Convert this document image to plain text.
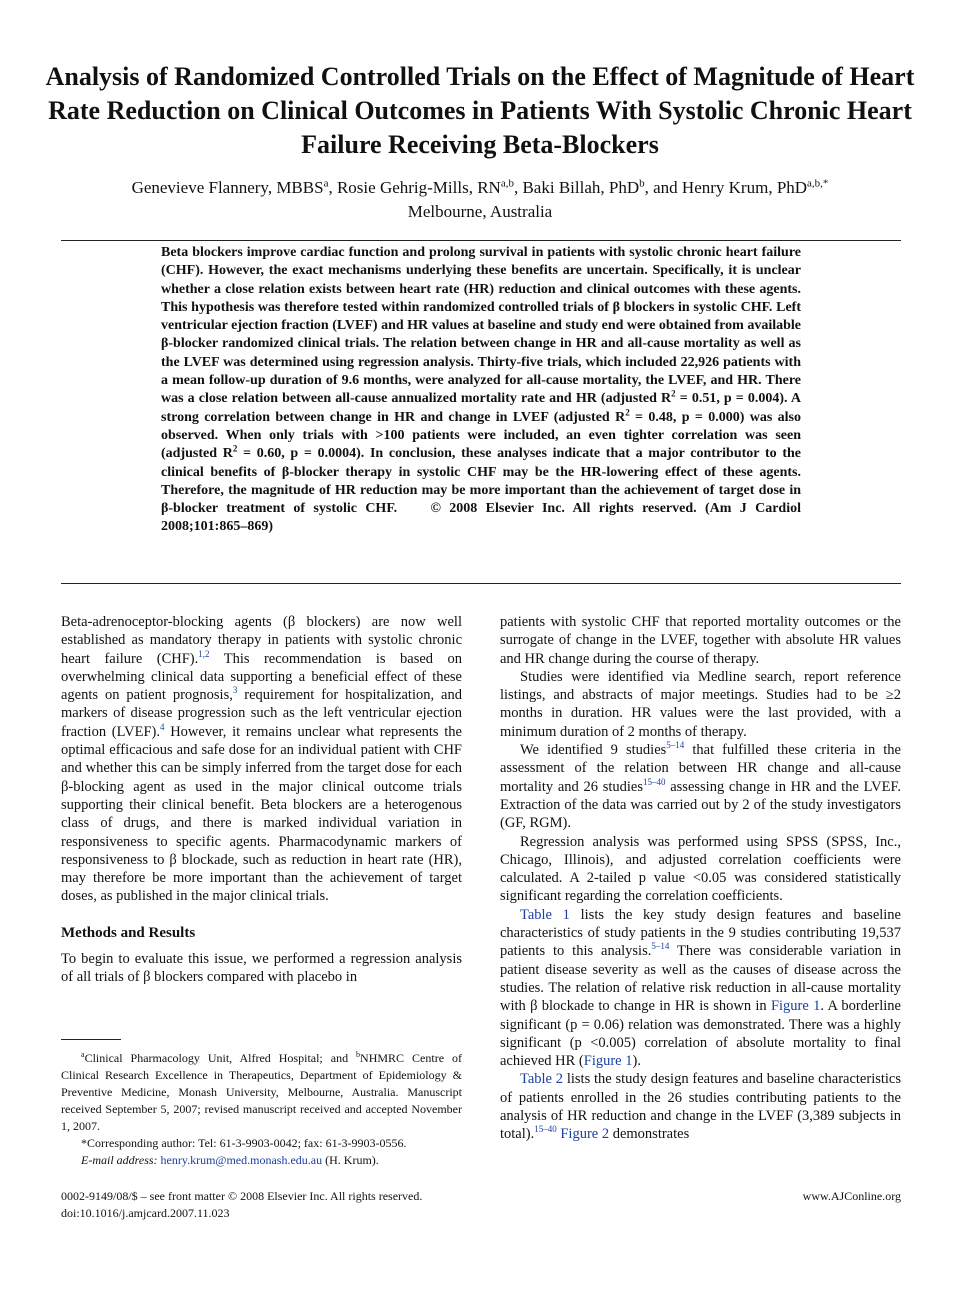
Analysis of Randomized Controlled Trials on the Effect of Magnitude of Heart Rate Reduction on Clinical Outcomes in Patients With Systolic Chronic Heart Failure Receiving Beta-Blockers
Genevieve Flannery, MBBS$^a$, Rosie Gehrig-Mills, RN$^{a,b}$, Baki Billah, PhD$^b$, and Henry Krum, PhD$^{a,b,*}$
Melbourne, Australia
Beta blockers improve cardiac function and prolong survival in patients with systolic chronic heart failure (CHF). However, the exact mechanisms underlying these benefits are uncertain. Specifically, it is unclear whether a close relation exists between heart rate (HR) reduction and clinical outcomes with these agents. This hypothesis was therefore tested within randomized controlled trials of β blockers in systolic CHF. Left ventricular ejection fraction (LVEF) and HR values at baseline and study end were obtained from available β-blocker randomized clinical trials. The relation between change in HR and all-cause mortality as well as the LVEF was determined using regression analysis. Thirty-five trials, which included 22,926 patients with a mean follow-up duration of 9.6 months, were analyzed for all-cause mortality, the LVEF, and HR. There was a close relation between all-cause annualized mortality rate and HR (adjusted $R^2 = 0.51$, p = 0.004). A strong correlation between change in HR and change in LVEF (adjusted $R^2 = 0.48$, p = 0.000) was also observed. When only trials with >100 patients were included, an even tighter correlation was seen (adjusted $R^2 = 0.60$, p = 0.0004). In conclusion, these analyses indicate that a major contributor to the clinical benefits of β-blocker therapy in systolic CHF may be the HR-lowering effect of these agents. Therefore, the magnitude of HR reduction may be more important than the achievement of target dose in β-blocker treatment of systolic CHF. © 2008 Elsevier Inc. All rights reserved. (Am J Cardiol 2008;101:865–869)

Beta-adrenoceptor-blocking agents (β blockers) are now well established as mandatory therapy in patients with systolic chronic heart failure (CHF).$^{1,2}$ This recommendation is based on overwhelming clinical data supporting a beneficial effect of these agents on patient prognosis,$^3$ requirement for hospitalization, and markers of disease progression such as the left ventricular ejection fraction (LVEF).$^4$ However, it remains unclear what represents the optimal efficacious and safe dose for an individual patient with CHF and whether this can be simply inferred from the target dose for each β-blocking agent as used in the major clinical outcome trials supporting their clinical benefit. Beta blockers are a heterogenous class of drugs, and there is marked individual variation in responsiveness to specific agents. Pharmacodynamic markers of responsiveness to β blockade, such as reduction in heart rate (HR), may therefore be more important than the achievement of target doses, as published in the major clinical trials.

Methods and Results

To begin to evaluate this issue, we performed a regression analysis of all trials of β blockers compared with placebo in

patients with systolic CHF that reported mortality outcomes or the surrogate of change in the LVEF, together with absolute HR values and HR change during the course of therapy.

Studies were identified via Medline search, report reference listings, and abstracts of major meetings. Studies had to be ≥2 months in duration. HR values were the last provided, with a minimum duration of 2 months of therapy.

We identified 9 studies$^{5-14}$ that fulfilled these criteria in the assessment of the relation between HR change and all-cause mortality and 26 studies$^{15-40}$ assessing change in HR and the LVEF. Extraction of the data was carried out by 2 of the study investigators (GF, RGM).

Regression analysis was performed using SPSS (SPSS, Inc., Chicago, Illinois), and adjusted correlation coefficients were calculated. A 2-tailed p value <0.05 was considered statistically significant regarding the correlation coefficients.

Table 1 lists the key study design features and baseline characteristics of study patients in the 9 studies contributing 19,537 patients to this analysis.$^{5-14}$ There was considerable variation in patient disease severity as well as the causes of disease across the studies. The relation of relative risk reduction in all-cause mortality with β blockade to change in HR is shown in Figure 1. A borderline significant (p = 0.06) relation was demonstrated. There was a highly significant (p <0.005) correlation of absolute mortality to final achieved HR (Figure 1).

Table 2 lists the study design features and baseline characteristics of patients enrolled in the 26 studies contributing patients to the analysis of HR reduction and change in the LVEF (3,389 subjects in total).$^{15-40}$ Figure 2 demonstrates

$^a$Clinical Pharmacology Unit, Alfred Hospital; and $^b$NHMRC Centre of Clinical Research Excellence in Therapeutics, Department of Epidemiology & Preventive Medicine, Monash University, Melbourne, Australia. Manuscript received September 5, 2007; revised manuscript received and accepted November 1, 2007.

*Corresponding author: Tel: 61-3-9903-0042; fax: 61-3-9903-0556.

E-mail address: henry.krum@med.monash.edu.au (H. Krum).

0002-9149/08/$ – see front matter © 2008 Elsevier Inc. All rights reserved.
doi:10.1016/j.amjcard.2007.11.023
www.AJConline.org
